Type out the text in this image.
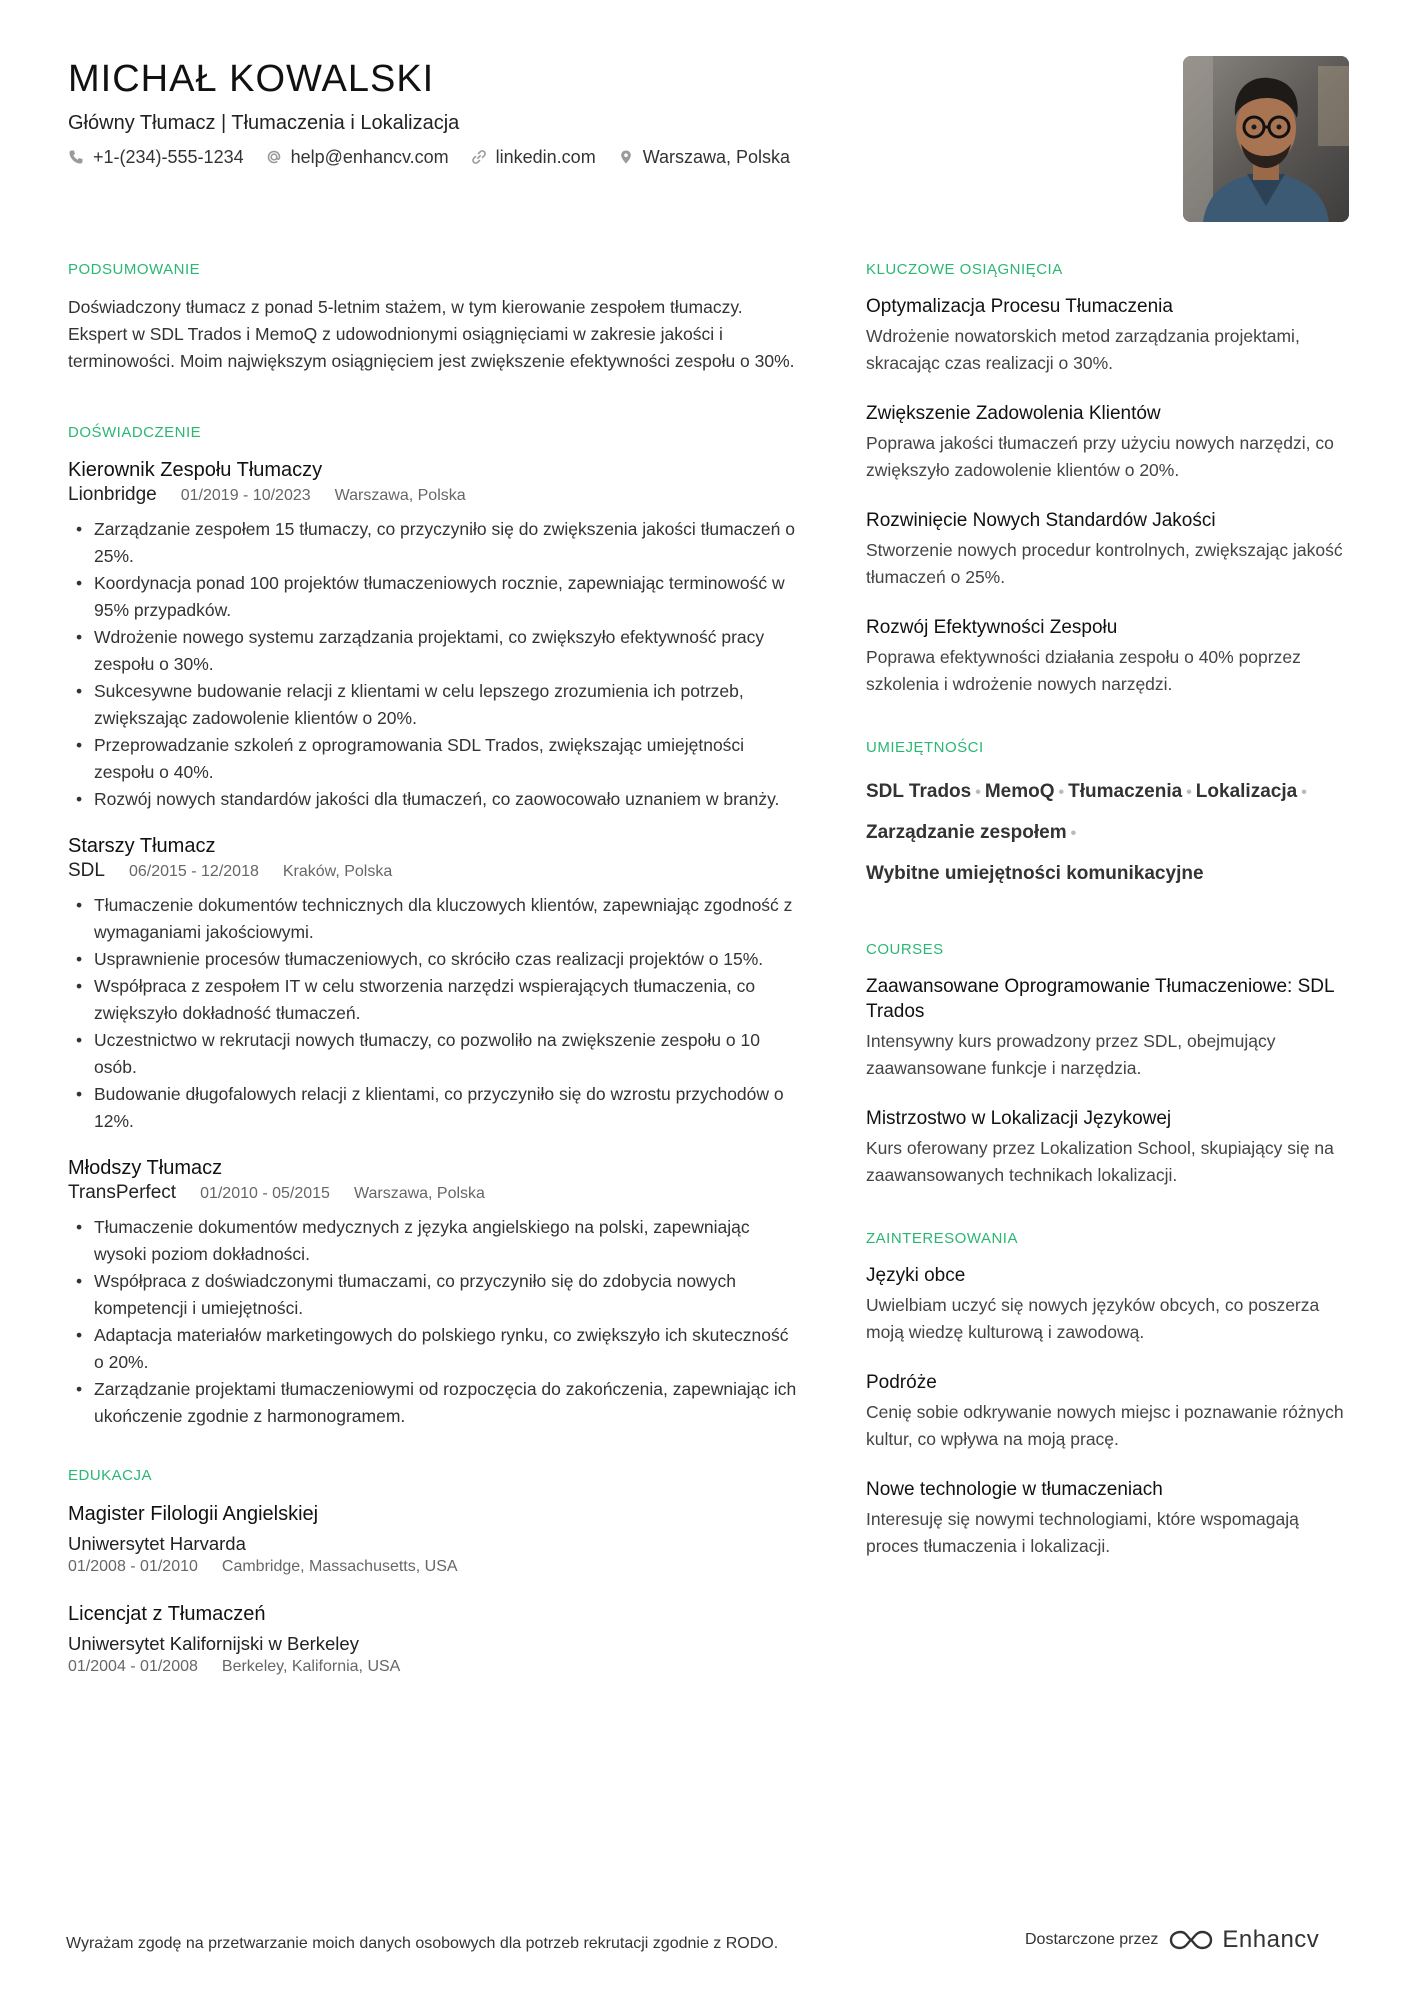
MICHAŁ KOWALSKI
Główny Tłumacz | Tłumaczenia i Lokalizacja
+1-(234)-555-1234	help@enhancv.com	linkedin.com	Warszawa, Polska
PODSUMOWANIE
Doświadczony tłumacz z ponad 5-letnim stażem, w tym kierowanie zespołem tłumaczy. Ekspert w SDL Trados i MemoQ z udowodnionymi osiągnięciami w zakresie jakości i terminowości. Moim największym osiągnięciem jest zwiększenie efektywności zespołu o 30%.
DOŚWIADCZENIE
Kierownik Zespołu Tłumaczy
Lionbridge 01/2019 - 10/2023 Warszawa, Polska
• Zarządzanie zespołem 15 tłumaczy, co przyczyniło się do zwiększenia jakości tłumaczeń o 25%.
• Koordynacja ponad 100 projektów tłumaczeniowych rocznie, zapewniając terminowość w 95% przypadków.
• Wdrożenie nowego systemu zarządzania projektami, co zwiększyło efektywność pracy zespołu o 30%.
• Sukcesywne budowanie relacji z klientami w celu lepszego zrozumienia ich potrzeb, zwiększając zadowolenie klientów o 20%.
• Przeprowadzanie szkoleń z oprogramowania SDL Trados, zwiększając umiejętności zespołu o 40%.
• Rozwój nowych standardów jakości dla tłumaczeń, co zaowocowało uznaniem w branży.
Starszy Tłumacz
SDL 06/2015 - 12/2018 Kraków, Polska
• Tłumaczenie dokumentów technicznych dla kluczowych klientów, zapewniając zgodność z wymaganiami jakościowymi.
• Usprawnienie procesów tłumaczeniowych, co skróciło czas realizacji projektów o 15%.
• Współpraca z zespołem IT w celu stworzenia narzędzi wspierających tłumaczenia, co zwiększyło dokładność tłumaczeń.
• Uczestnictwo w rekrutacji nowych tłumaczy, co pozwoliło na zwiększenie zespołu o 10 osób.
• Budowanie długofalowych relacji z klientami, co przyczyniło się do wzrostu przychodów o 12%.
Młodszy Tłumacz
TransPerfect 01/2010 - 05/2015 Warszawa, Polska
• Tłumaczenie dokumentów medycznych z języka angielskiego na polski, zapewniając wysoki poziom dokładności.
• Współpraca z doświadczonymi tłumaczami, co przyczyniło się do zdobycia nowych kompetencji i umiejętności.
• Adaptacja materiałów marketingowych do polskiego rynku, co zwiększyło ich skuteczność o 20%.
• Zarządzanie projektami tłumaczeniowymi od rozpoczęcia do zakończenia, zapewniając ich ukończenie zgodnie z harmonogramem.
EDUKACJA
Magister Filologii Angielskiej
Uniwersytet Harvarda
01/2008 - 01/2010 Cambridge, Massachusetts, USA
Licencjat z Tłumaczeń
Uniwersytet Kalifornijski w Berkeley
01/2004 - 01/2008 Berkeley, Kalifornia, USA
KLUCZOWE OSIĄGNIĘCIA
Optymalizacja Procesu Tłumaczenia
Wdrożenie nowatorskich metod zarządzania projektami, skracając czas realizacji o 30%.
Zwiększenie Zadowolenia Klientów
Poprawa jakości tłumaczeń przy użyciu nowych narzędzi, co zwiększyło zadowolenie klientów o 20%.
Rozwinięcie Nowych Standardów Jakości
Stworzenie nowych procedur kontrolnych, zwiększając jakość tłumaczeń o 25%.
Rozwój Efektywności Zespołu
Poprawa efektywności działania zespołu o 40% poprzez szkolenia i wdrożenie nowych narzędzi.
UMIEJĘTNOŚCI
SDL Trados • MemoQ • Tłumaczenia • Lokalizacja •
Zarządzanie zespołem •
Wybitne umiejętności komunikacyjne
COURSES
Zaawansowane Oprogramowanie Tłumaczeniowe: SDL Trados
Intensywny kurs prowadzony przez SDL, obejmujący zaawansowane funkcje i narzędzia.
Mistrzostwo w Lokalizacji Językowej
Kurs oferowany przez Lokalization School, skupiający się na zaawansowanych technikach lokalizacji.
ZAINTERESOWANIA
Języki obce
Uwielbiam uczyć się nowych języków obcych, co poszerza moją wiedzę kulturową i zawodową.
Podróże
Cenię sobie odkrywanie nowych miejsc i poznawanie różnych kultur, co wpływa na moją pracę.
Nowe technologie w tłumaczeniach
Interesuję się nowymi technologiami, które wspomagają proces tłumaczenia i lokalizacji.
Wyrażam zgodę na przetwarzanie moich danych osobowych dla potrzeb rekrutacji zgodnie z RODO.	Dostarczone przez	Enhancv
